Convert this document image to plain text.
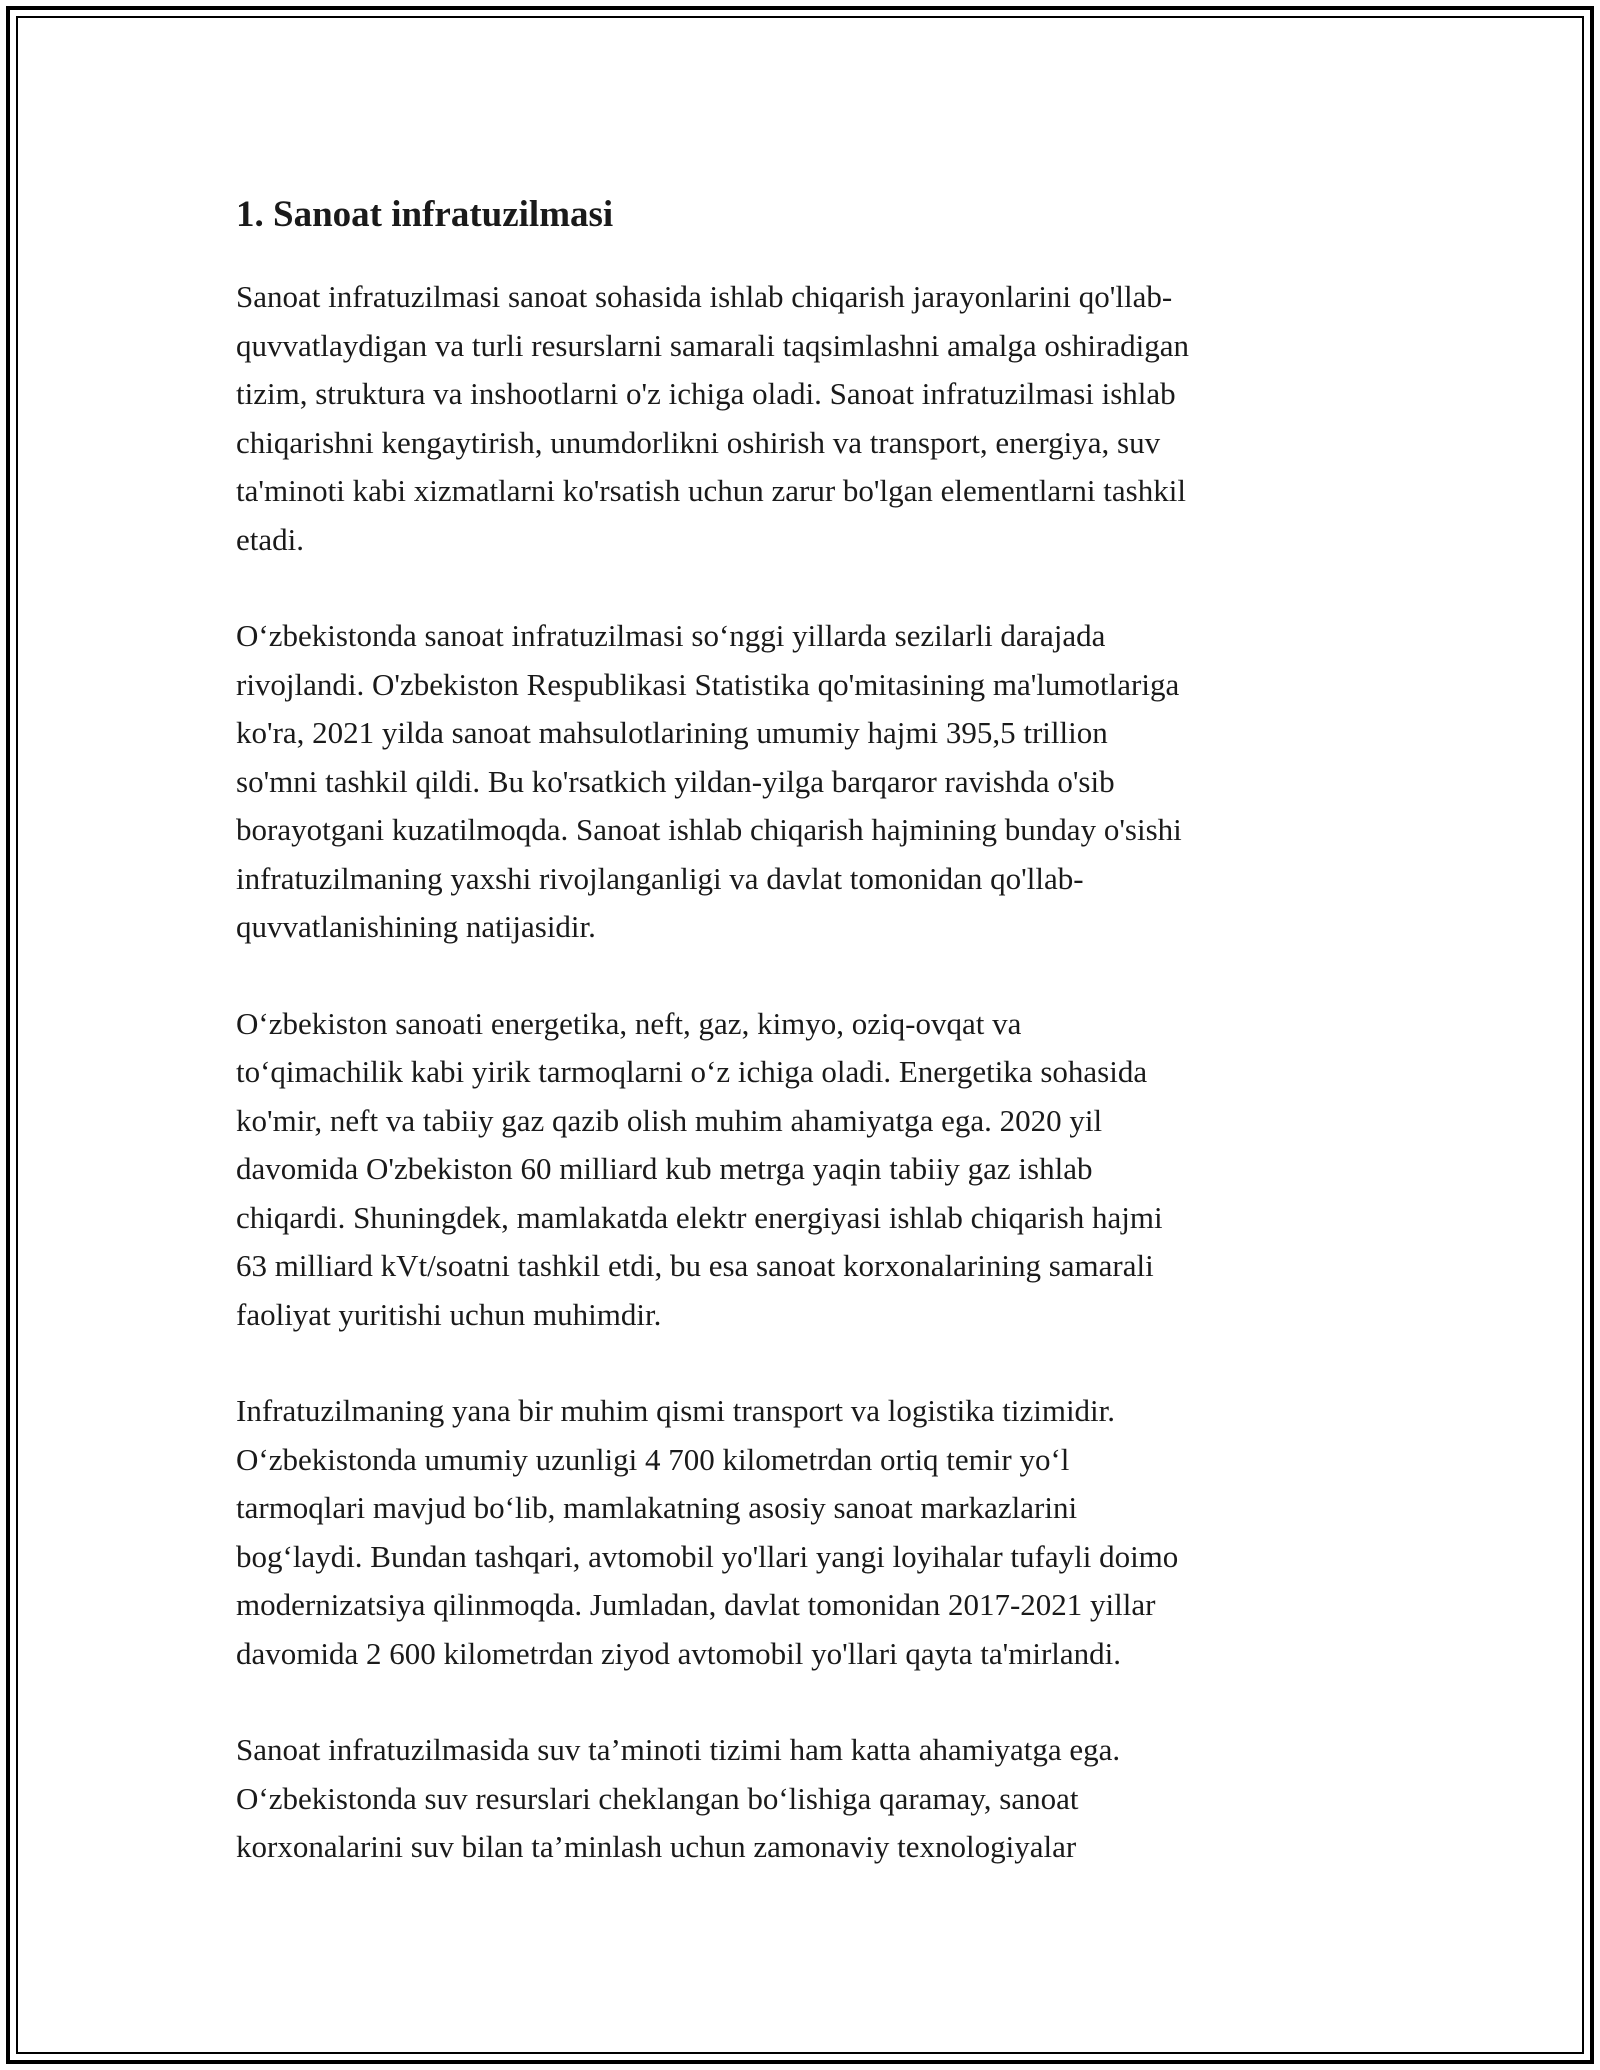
1. Sanoat infratuzilmasi

Sanoat infratuzilmasi sanoat sohasida ishlab chiqarish jarayonlarini qo'llab-
quvvatlaydigan va turli resurslarni samarali taqsimlashni amalga oshiradigan
tizim, struktura va inshootlarni o'z ichiga oladi. Sanoat infratuzilmasi ishlab
chiqarishni kengaytirish, unumdorlikni oshirish va transport, energiya, suv
ta'minoti kabi xizmatlarni ko'rsatish uchun zarur bo'lgan elementlarni tashkil
etadi.

O‘zbekistonda sanoat infratuzilmasi so‘nggi yillarda sezilarli darajada
rivojlandi. O'zbekiston Respublikasi Statistika qo'mitasining ma'lumotlariga
ko'ra, 2021 yilda sanoat mahsulotlarining umumiy hajmi 395,5 trillion
so'mni tashkil qildi. Bu ko'rsatkich yildan-yilga barqaror ravishda o'sib
borayotgani kuzatilmoqda. Sanoat ishlab chiqarish hajmining bunday o'sishi
infratuzilmaning yaxshi rivojlanganligi va davlat tomonidan qo'llab-
quvvatlanishining natijasidir.

O‘zbekiston sanoati energetika, neft, gaz, kimyo, oziq-ovqat va
to‘qimachilik kabi yirik tarmoqlarni o‘z ichiga oladi. Energetika sohasida
ko'mir, neft va tabiiy gaz qazib olish muhim ahamiyatga ega. 2020 yil
davomida O'zbekiston 60 milliard kub metrga yaqin tabiiy gaz ishlab
chiqardi. Shuningdek, mamlakatda elektr energiyasi ishlab chiqarish hajmi
63 milliard kVt/soatni tashkil etdi, bu esa sanoat korxonalarining samarali
faoliyat yuritishi uchun muhimdir.

Infratuzilmaning yana bir muhim qismi transport va logistika tizimidir.
O‘zbekistonda umumiy uzunligi 4 700 kilometrdan ortiq temir yo‘l
tarmoqlari mavjud bo‘lib, mamlakatning asosiy sanoat markazlarini
bog‘laydi. Bundan tashqari, avtomobil yo'llari yangi loyihalar tufayli doimo
modernizatsiya qilinmoqda. Jumladan, davlat tomonidan 2017-2021 yillar
davomida 2 600 kilometrdan ziyod avtomobil yo'llari qayta ta'mirlandi.

Sanoat infratuzilmasida suv ta’minoti tizimi ham katta ahamiyatga ega.
O‘zbekistonda suv resurslari cheklangan bo‘lishiga qaramay, sanoat
korxonalarini suv bilan ta’minlash uchun zamonaviy texnologiyalar
